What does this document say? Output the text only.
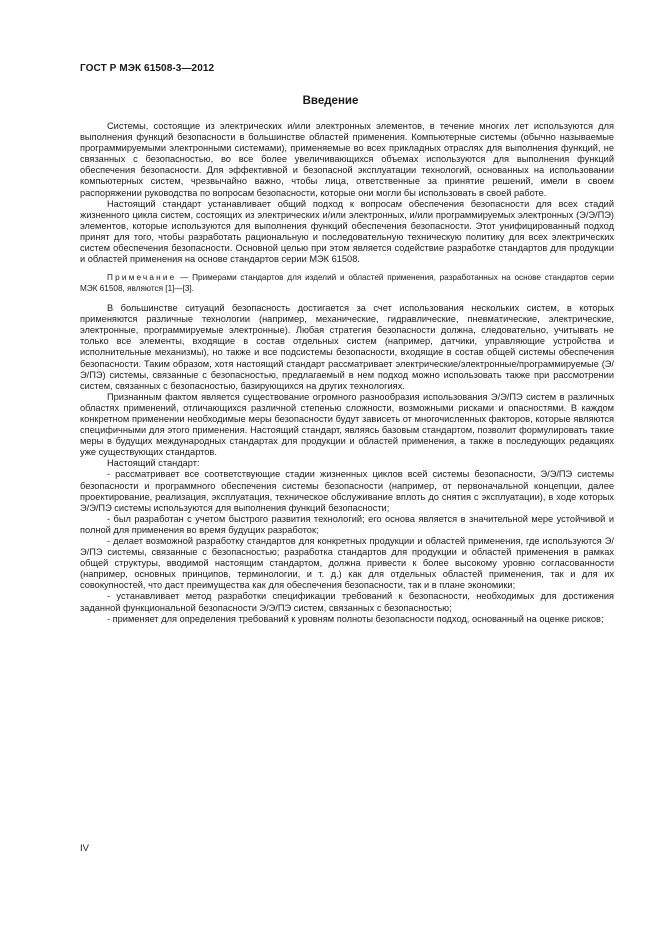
ГОСТ Р МЭК 61508-3—2012
Введение

Системы, состоящие из электрических и/или электронных элементов, в течение многих лет используются для выполнения функций безопасности в большинстве областей применения. Компьютерные системы (обычно называемые программируемыми электронными системами), применяемые во всех прикладных отраслях для выполнения функций, не связанных с безопасностью, во все более увеличивающихся объемах используются для выполнения функций обеспечения безопасности. Для эффективной и безопасной эксплуатации технологий, основанных на использовании компьютерных систем, чрезвычайно важно, чтобы лица, ответственные за принятие решений, имели в своем распоряжении руководства по вопросам безопасности, которые они могли бы использовать в своей работе.

Настоящий стандарт устанавливает общий подход к вопросам обеспечения безопасности для всех стадий жизненного цикла систем, состоящих из электрических и/или электронных, и/или программируемых электронных (Э/Э/ПЭ) элементов, которые используются для выполнения функций обеспечения безопасности. Этот унифицированный подход принят для того, чтобы разработать рациональную и последовательную техническую политику для всех электрических систем обеспечения безопасности. Основной целью при этом является содействие разработке стандартов для продукции и областей применения на основе стандартов серии МЭК 61508.

Примечание — Примерами стандартов для изделий и областей применения, разработанных на основе стандартов серии МЭК 61508, являются [1]—[3].

В большинстве ситуаций безопасность достигается за счет использования нескольких систем, в которых применяются различные технологии (например, механические, гидравлические, пневматические, электрические, электронные, программируемые электронные). Любая стратегия безопасности должна, следовательно, учитывать не только все элементы, входящие в состав отдельных систем (например, датчики, управляющие устройства и исполнительные механизмы), но также и все подсистемы безопасности, входящие в состав общей системы обеспечения безопасности. Таким образом, хотя настоящий стандарт рассматривает электрические/электронные/программируемые (Э/Э/ПЭ) системы, связанные с безопасностью, предлагаемый в нем подход можно использовать также при рассмотрении систем, связанных с безопасностью, базирующихся на других технологиях.

Признанным фактом является существование огромного разнообразия использования Э/Э/ПЭ систем в различных областях применений, отличающихся различной степенью сложности, возможными рисками и опасностями. В каждом конкретном применении необходимые меры безопасности будут зависеть от многочисленных факторов, которые являются специфичными для этого применения. Настоящий стандарт, являясь базовым стандартом, позволит формулировать такие меры в будущих международных стандартах для продукции и областей применения, а также в последующих редакциях уже существующих стандартов.

Настоящий стандарт:

- рассматривает все соответствующие стадии жизненных циклов всей системы безопасности, Э/Э/ПЭ системы безопасности и программного обеспечения системы безопасности (например, от первоначальной концепции, далее проектирование, реализация, эксплуатация, техническое обслуживание вплоть до снятия с эксплуатации), в ходе которых Э/Э/ПЭ системы используются для выполнения функций безопасности;

- был разработан с учетом быстрого развития технологий; его основа является в значительной мере устойчивой и полной для применения во время будущих разработок;

- делает возможной разработку стандартов для конкретных продукции и областей применения, где используются Э/Э/ПЭ системы, связанные с безопасностью; разработка стандартов для продукции и областей применения в рамках общей структуры, вводимой настоящим стандартом, должна привести к более высокому уровню согласованности (например, основных принципов, терминологии, и т. д.) как для отдельных областей применения, так и для их совокупностей, что даст преимущества как для обеспечения безопасности, так и в плане экономики;

- устанавливает метод разработки спецификации требований к безопасности, необходимых для достижения заданной функциональной безопасности Э/Э/ПЭ систем, связанных с безопасностью;

- применяет для определения требований к уровням полноты безопасности подход, основанный на оценке рисков;

IV
